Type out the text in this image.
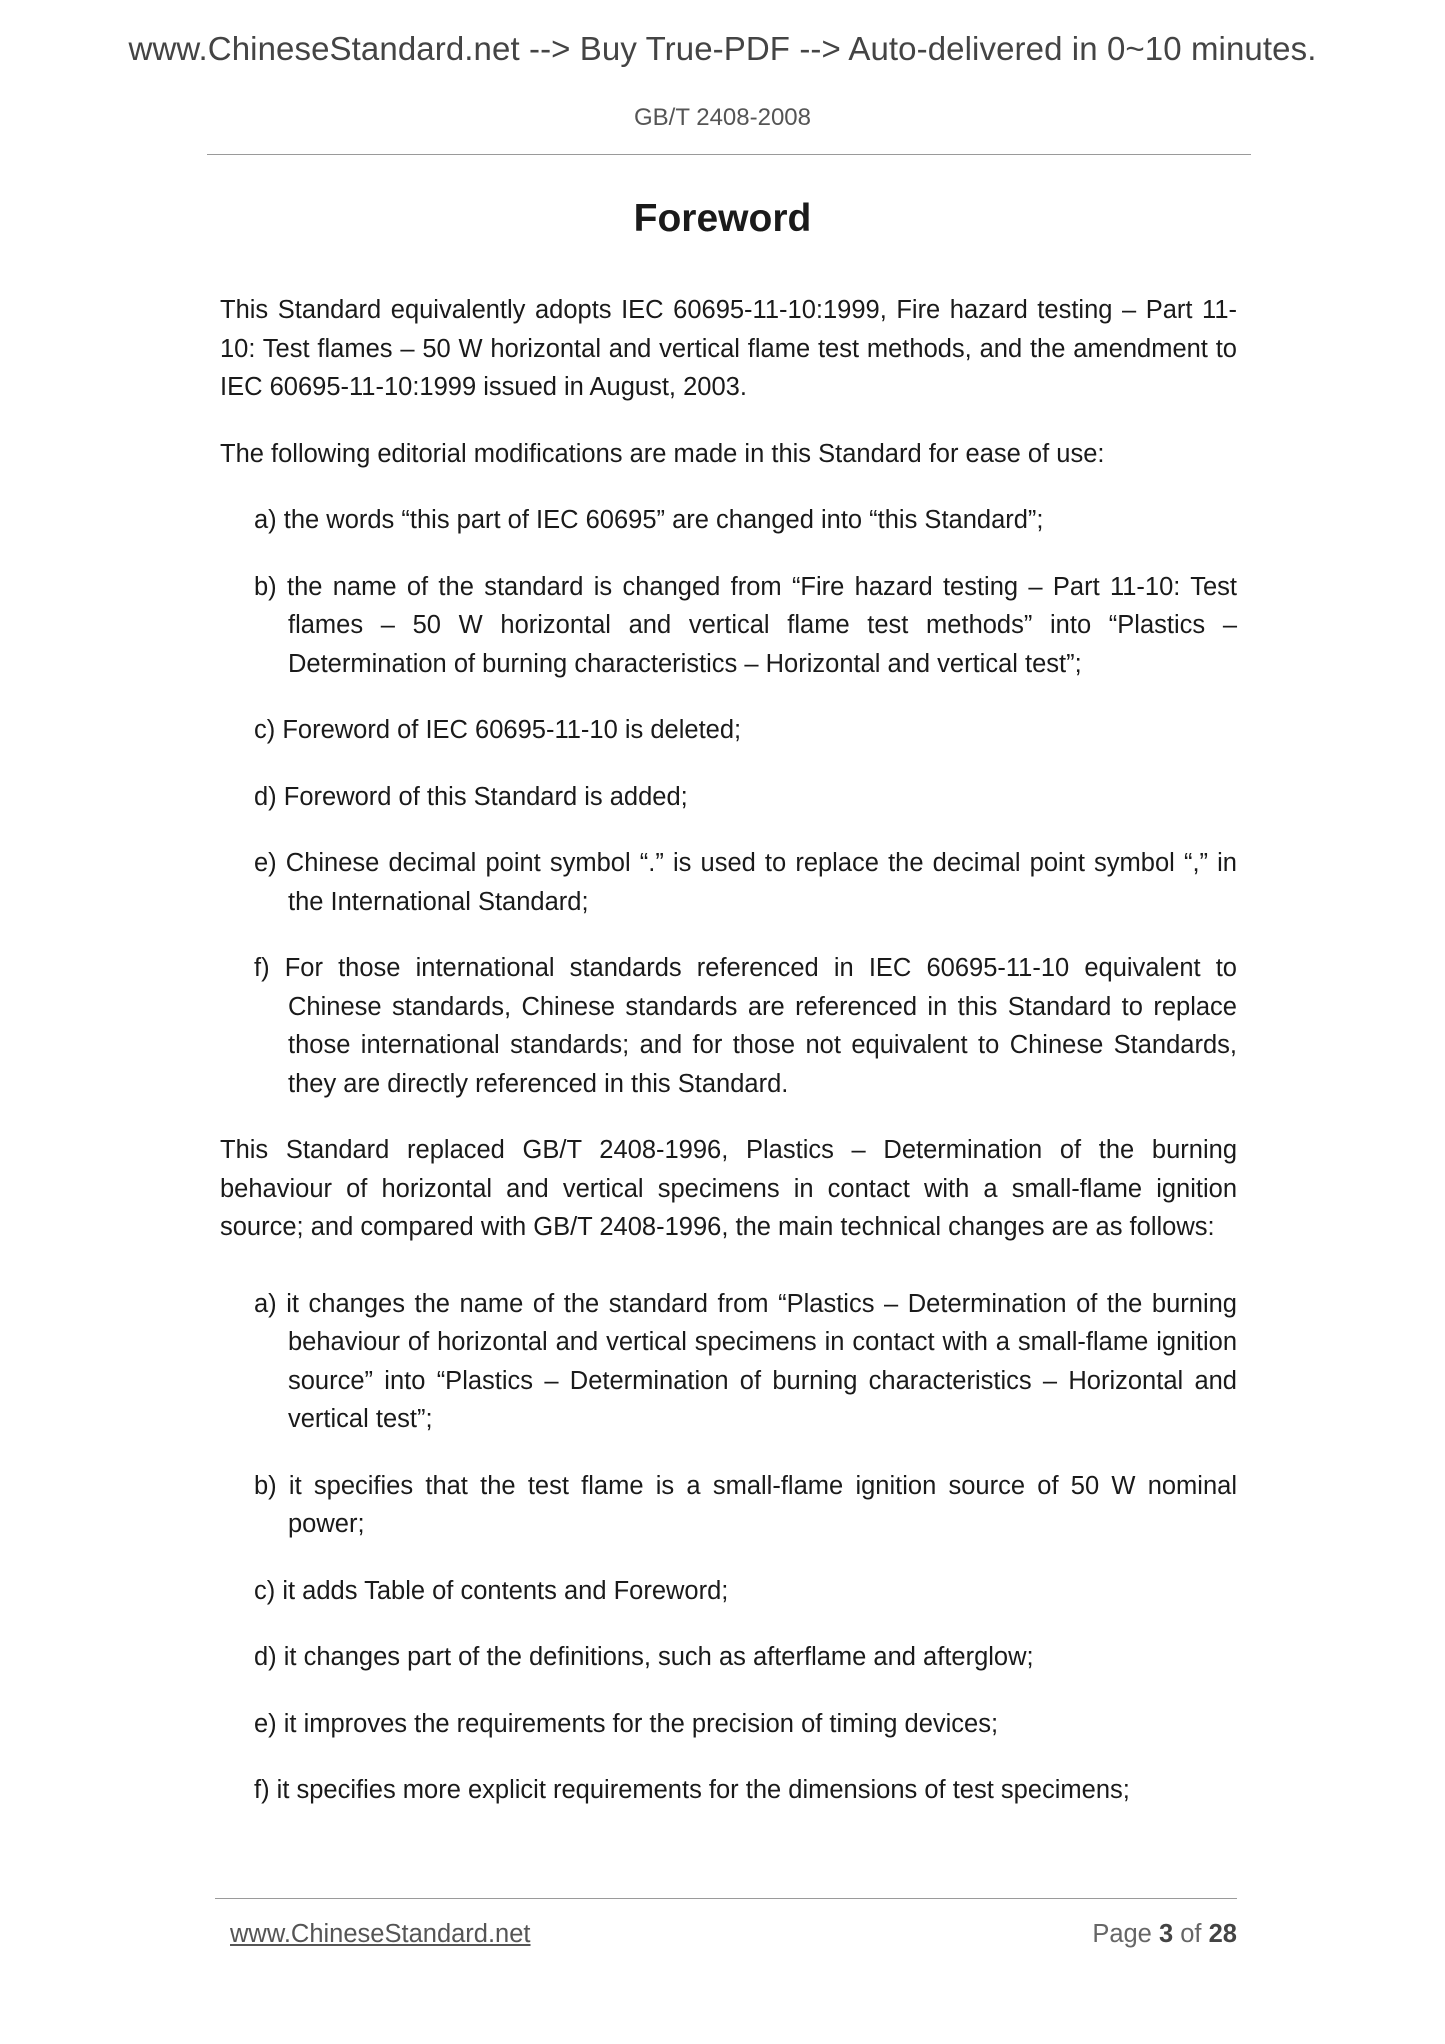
www.ChineseStandard.net --> Buy True-PDF --> Auto-delivered in 0~10 minutes.
GB/T 2408-2008
Foreword

This Standard equivalently adopts IEC 60695-11-10:1999, Fire hazard testing – Part 11-10: Test flames – 50 W horizontal and vertical flame test methods, and the amendment to IEC 60695-11-10:1999 issued in August, 2003.

The following editorial modifications are made in this Standard for ease of use:

a) the words “this part of IEC 60695” are changed into “this Standard”;
b) the name of the standard is changed from “Fire hazard testing – Part 11-10: Test flames – 50 W horizontal and vertical flame test methods” into “Plastics – Determination of burning characteristics – Horizontal and vertical test”;
c) Foreword of IEC 60695-11-10 is deleted;
d) Foreword of this Standard is added;
e) Chinese decimal point symbol “.” is used to replace the decimal point symbol “,” in the International Standard;
f) For those international standards referenced in IEC 60695-11-10 equivalent to Chinese standards, Chinese standards are referenced in this Standard to replace those international standards; and for those not equivalent to Chinese Standards, they are directly referenced in this Standard.

This Standard replaced GB/T 2408-1996, Plastics – Determination of the burning behaviour of horizontal and vertical specimens in contact with a small-flame ignition source; and compared with GB/T 2408-1996, the main technical changes are as follows:

a) it changes the name of the standard from “Plastics – Determination of the burning behaviour of horizontal and vertical specimens in contact with a small-flame ignition source” into “Plastics – Determination of burning characteristics – Horizontal and vertical test”;
b) it specifies that the test flame is a small-flame ignition source of 50 W nominal power;
c) it adds Table of contents and Foreword;
d) it changes part of the definitions, such as afterflame and afterglow;
e) it improves the requirements for the precision of timing devices;
f) it specifies more explicit requirements for the dimensions of test specimens;
www.ChineseStandard.net	Page 3 of 28
